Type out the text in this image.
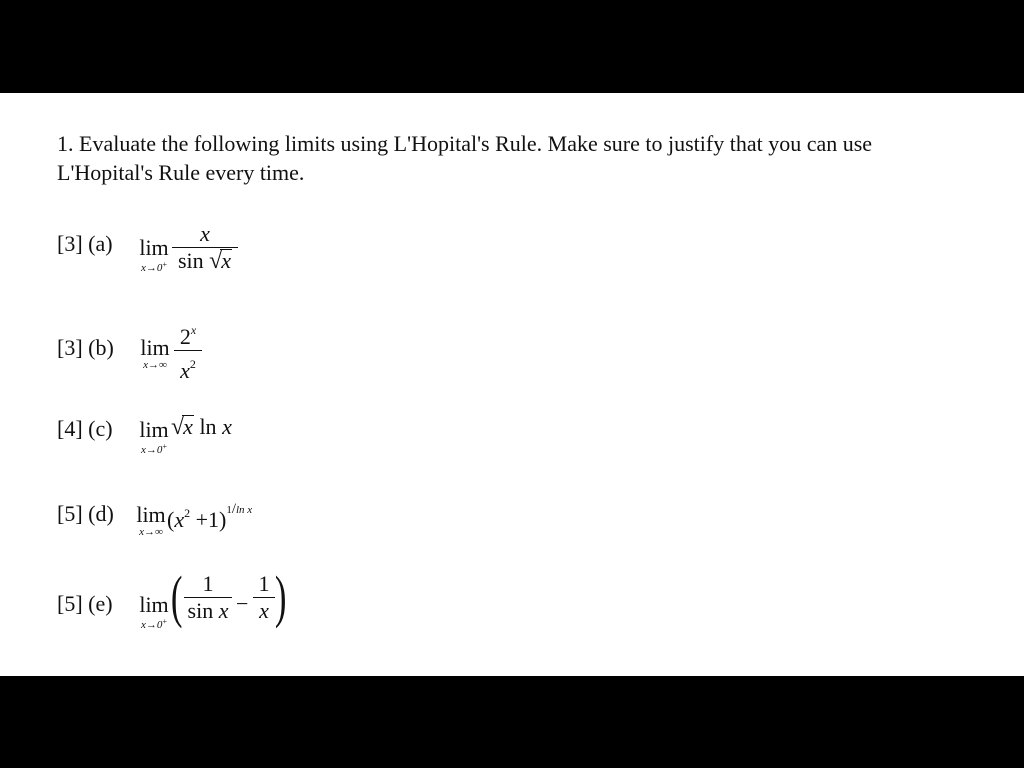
1. Evaluate the following limits using L'Hopital's Rule. Make sure to justify that you can use L'Hopital's Rule every time.
[3] (a) lim
x→0+
x
sin √x
[3] (b) lim
x→∞
2$^x$
$x^2$
[4] (c) lim
x→0+
√x ln x
[5] (d) lim
x→∞ $(x^2 +1)^{1/ln x}$
[5] (e) lim
x→0+ ( 1
sin x −
1
x )
